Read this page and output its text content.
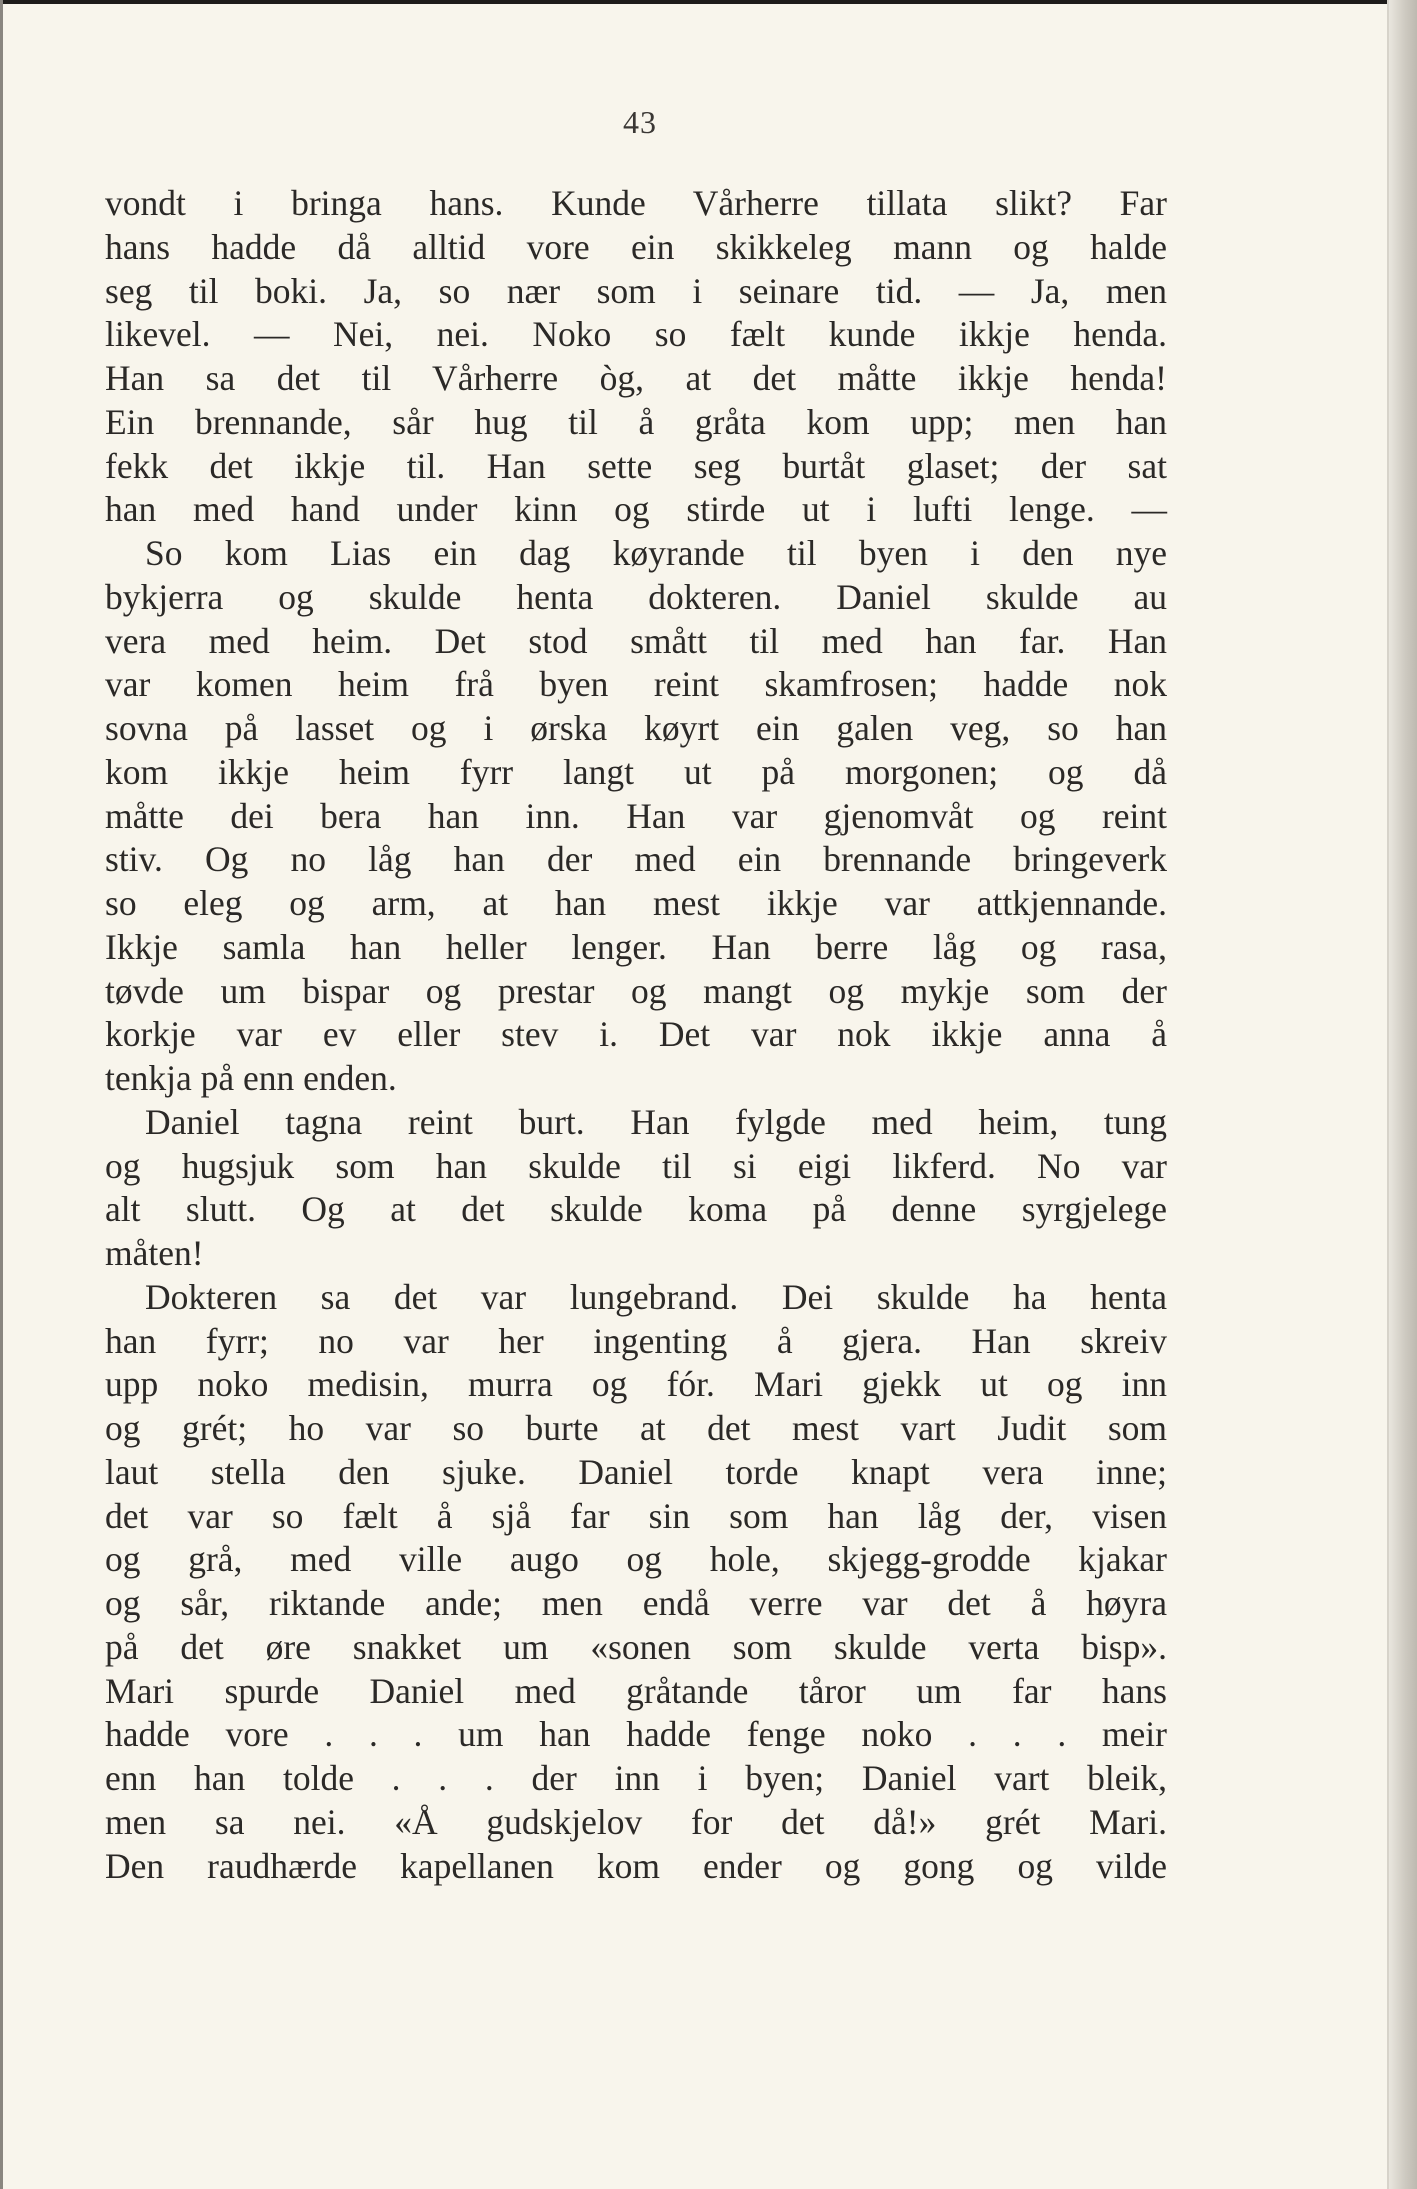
43
vondt i bringa hans. Kunde Vårherre tillata slikt? Far
hans hadde då alltid vore ein skikkeleg mann og halde
seg til boki. Ja, so nær som i seinare tid. — Ja, men
likevel. — Nei, nei. Noko so fælt kunde ikkje henda.
Han sa det til Vårherre òg, at det måtte ikkje henda!
Ein brennande, sår hug til å gråta kom upp; men han
fekk det ikkje til. Han sette seg burtåt glaset; der sat
han med hand under kinn og stirde ut i lufti lenge. —
So kom Lias ein dag køyrande til byen i den nye
bykjerra og skulde henta dokteren. Daniel skulde au
vera med heim. Det stod smått til med han far. Han
var komen heim frå byen reint skamfrosen; hadde nok
sovna på lasset og i ørska køyrt ein galen veg, so han
kom ikkje heim fyrr langt ut på morgonen; og då
måtte dei bera han inn. Han var gjenomvåt og reint
stiv. Og no låg han der med ein brennande bringeverk
so eleg og arm, at han mest ikkje var attkjennande.
Ikkje samla han heller lenger. Han berre låg og rasa,
tøvde um bispar og prestar og mangt og mykje som der
korkje var ev eller stev i. Det var nok ikkje anna å
tenkja på enn enden.
Daniel tagna reint burt. Han fylgde med heim, tung
og hugsjuk som han skulde til si eigi likferd. No var
alt slutt. Og at det skulde koma på denne syrgjelege
måten!
Dokteren sa det var lungebrand. Dei skulde ha henta
han fyrr; no var her ingenting å gjera. Han skreiv
upp noko medisin, murra og fór. Mari gjekk ut og inn
og grét; ho var so burte at det mest vart Judit som
laut stella den sjuke. Daniel torde knapt vera inne;
det var so fælt å sjå far sin som han låg der, visen
og grå, med ville augo og hole, skjegg-grodde kjakar
og sår, riktande ande; men endå verre var det å høyra
på det øre snakket um «sonen som skulde verta bisp».
Mari spurde Daniel med gråtande tåror um far hans
hadde vore . . . um han hadde fenge noko . . . meir
enn han tolde . . . der inn i byen; Daniel vart bleik,
men sa nei. «Å gudskjelov for det då!» grét Mari.
Den raudhærde kapellanen kom ender og gong og vilde
